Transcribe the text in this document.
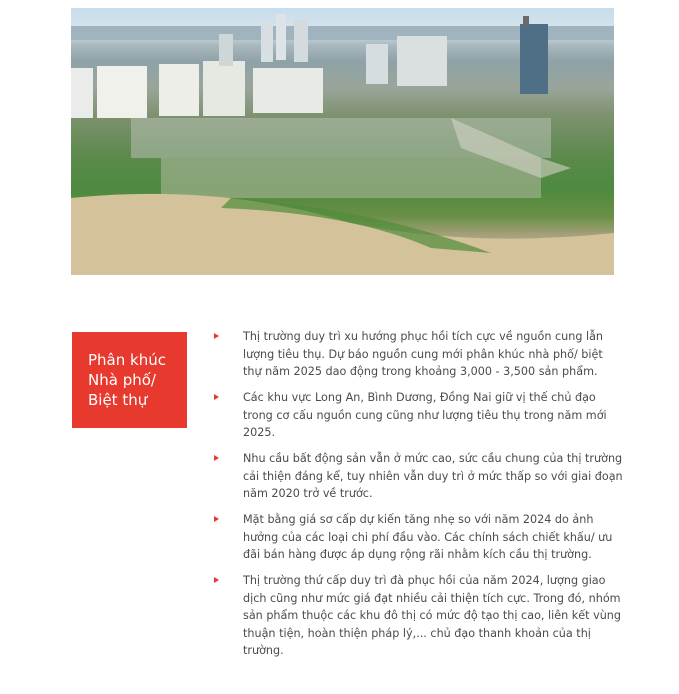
Phân khúc
Nhà phố/
Biệt thự

Thị trường duy trì xu hướng phục hồi tích cực về nguồn cung lẫn lượng tiêu thụ. Dự báo nguồn cung mới phân khúc nhà phố/ biệt thự năm 2025 dao động trong khoảng 3,000 - 3,500 sản phẩm.
Các khu vực Long An, Bình Dương, Đồng Nai giữ vị thế chủ đạo trong cơ cấu nguồn cung cũng như lượng tiêu thụ trong năm mới 2025.
Nhu cầu bất động sản vẫn ở mức cao, sức cầu chung của thị trường cải thiện đáng kể, tuy nhiên vẫn duy trì ở mức thấp so với giai đoạn năm 2020 trở về trước.
Mặt bằng giá sơ cấp dự kiến tăng nhẹ so với năm 2024 do ảnh hưởng của các loại chi phí đầu vào. Các chính sách chiết khấu/ ưu đãi bán hàng được áp dụng rộng rãi nhằm kích cầu thị trường.
Thị trường thứ cấp duy trì đà phục hồi của năm 2024, lượng giao dịch cũng như mức giá đạt nhiều cải thiện tích cực. Trong đó, nhóm sản phẩm thuộc các khu đô thị có mức độ tạo thị cao, liên kết vùng thuận tiện, hoàn thiện pháp lý,... chủ đạo thanh khoản của thị trường.
